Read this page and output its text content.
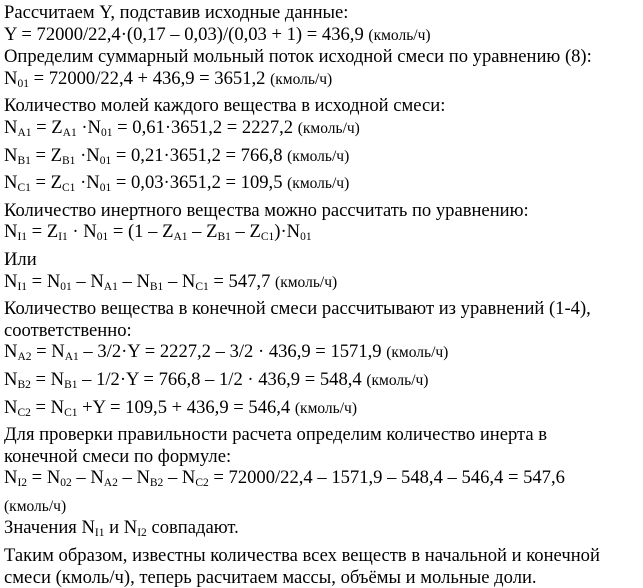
Рассчитаем Y, подставив исходные данные:

Y = 72000/22,4·(0,17 – 0,03)/(0,03 + 1) = 436,9 (кмоль/ч)

Определим суммарный мольный поток исходной смеси по уравнению (8):

$N_{01} = 72000/22,4 + 436,9 = 3651,2$ (кмоль/ч)

Количество молей каждого вещества в исходной смеси:

$N_{A1} = Z_{A1} \cdot N_{01} = 0,61\cdot 3651,2 = 2227,2$ (кмоль/ч)

$N_{B1} = Z_{B1} \cdot N_{01} = 0,21\cdot 3651,2 = 766,8$ (кмоль/ч)

$N_{C1} = Z_{C1} \cdot N_{01} = 0,03\cdot 3651,2 = 109,5$ (кмоль/ч)

Количество инертного вещества можно рассчитать по уравнению:

$N_{I1} = Z_{I1} \cdot N_{01} = (1 - Z_{A1} - Z_{B1} - Z_{C1})\cdot N_{01}$

Или

$N_{I1} = N_{01} - N_{A1} - N_{B1} - N_{C1} = 547,7$ (кмоль/ч)

Количество вещества в конечной смеси рассчитывают из уравнений (1-4),

соответственно:

$N_{A2} = N_{A1} - 3/2\cdot Y = 2227,2 - 3/2 \cdot 436,9 = 1571,9$ (кмоль/ч)

$N_{B2} = N_{B1} - 1/2\cdot Y = 766,8 - 1/2 \cdot 436,9 = 548,4$ (кмоль/ч)

$N_{C2} = N_{C1} +Y = 109,5 + 436,9 = 546,4$ (кмоль/ч)

Для проверки правильности расчета определим количество инерта в

конечной смеси по формуле:

$N_{I2} = N_{02} - N_{A2} - N_{B2} - N_{C2} = 72000/22,4 - 1571,9 - 548,4 - 546,4 = 547,6$

(кмоль/ч)

Значения $N_{I1}$ и $N_{I2}$ совпадают.

Таким образом, известны количества всех веществ в начальной и конечной

смеси (кмоль/ч), теперь расчитаем массы, объёмы и мольные доли.
